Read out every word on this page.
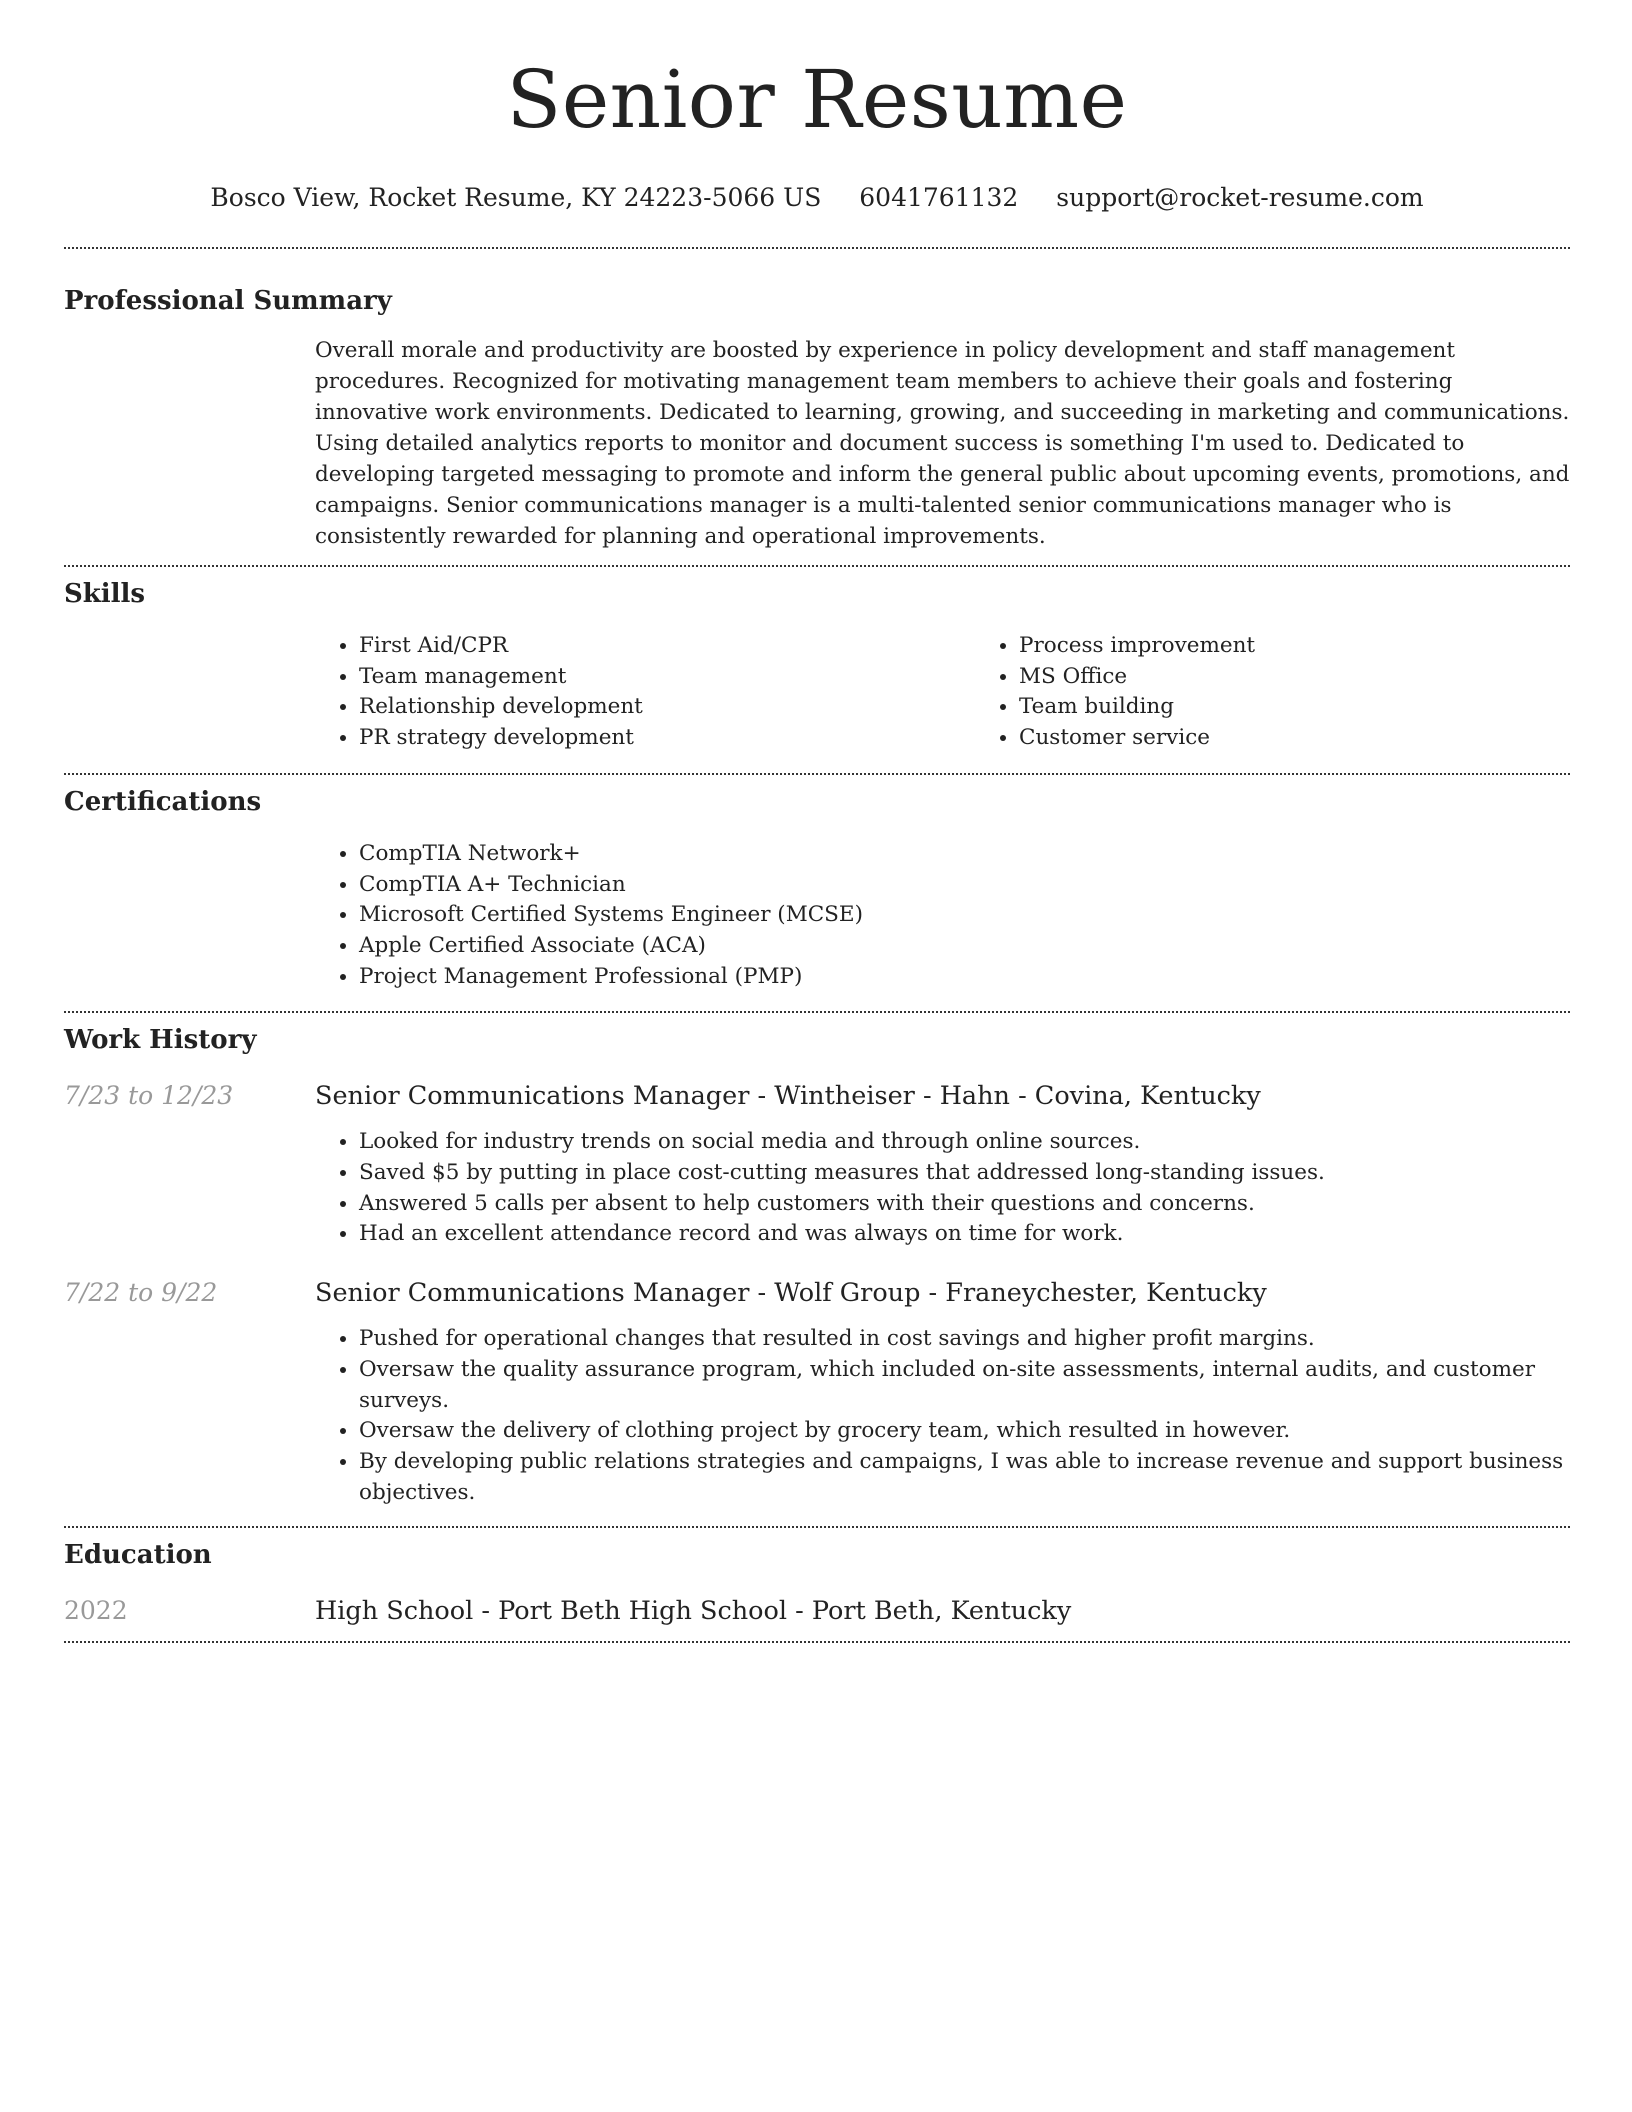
Senior Resume
Bosco View, Rocket Resume, KY 24223-5066 US 6041761132 support@rocket-resume.com
Professional Summary

Overall morale and productivity are boosted by experience in policy development and staff management procedures. Recognized for motivating management team members to achieve their goals and fostering innovative work environments. Dedicated to learning, growing, and succeeding in marketing and communications. Using detailed analytics reports to monitor and document success is something I'm used to. Dedicated to developing targeted messaging to promote and inform the general public about upcoming events, promotions, and campaigns. Senior communications manager is a multi-talented senior communications manager who is consistently rewarded for planning and operational improvements.

Skills
• First Aid/CPR
• Team management
• Relationship development
• PR strategy development
• Process improvement
• MS Office
• Team building
• Customer service
Certifications
• CompTIA Network+
• CompTIA A+ Technician
• Microsoft Certified Systems Engineer (MCSE)
• Apple Certified Associate (ACA)
• Project Management Professional (PMP)
Work History
7/23 to 12/23	Senior Communications Manager - Wintheiser - Hahn - Covina, Kentucky
• Looked for industry trends on social media and through online sources.
• Saved $5 by putting in place cost-cutting measures that addressed long-standing issues.
• Answered 5 calls per absent to help customers with their questions and concerns.
• Had an excellent attendance record and was always on time for work.
7/22 to 9/22	Senior Communications Manager - Wolf Group - Franeychester, Kentucky
• Pushed for operational changes that resulted in cost savings and higher profit margins.
• Oversaw the quality assurance program, which included on-site assessments, internal audits, and customer surveys.
• Oversaw the delivery of clothing project by grocery team, which resulted in however.
• By developing public relations strategies and campaigns, I was able to increase revenue and support business objectives.
Education
2022	High School - Port Beth High School - Port Beth, Kentucky
